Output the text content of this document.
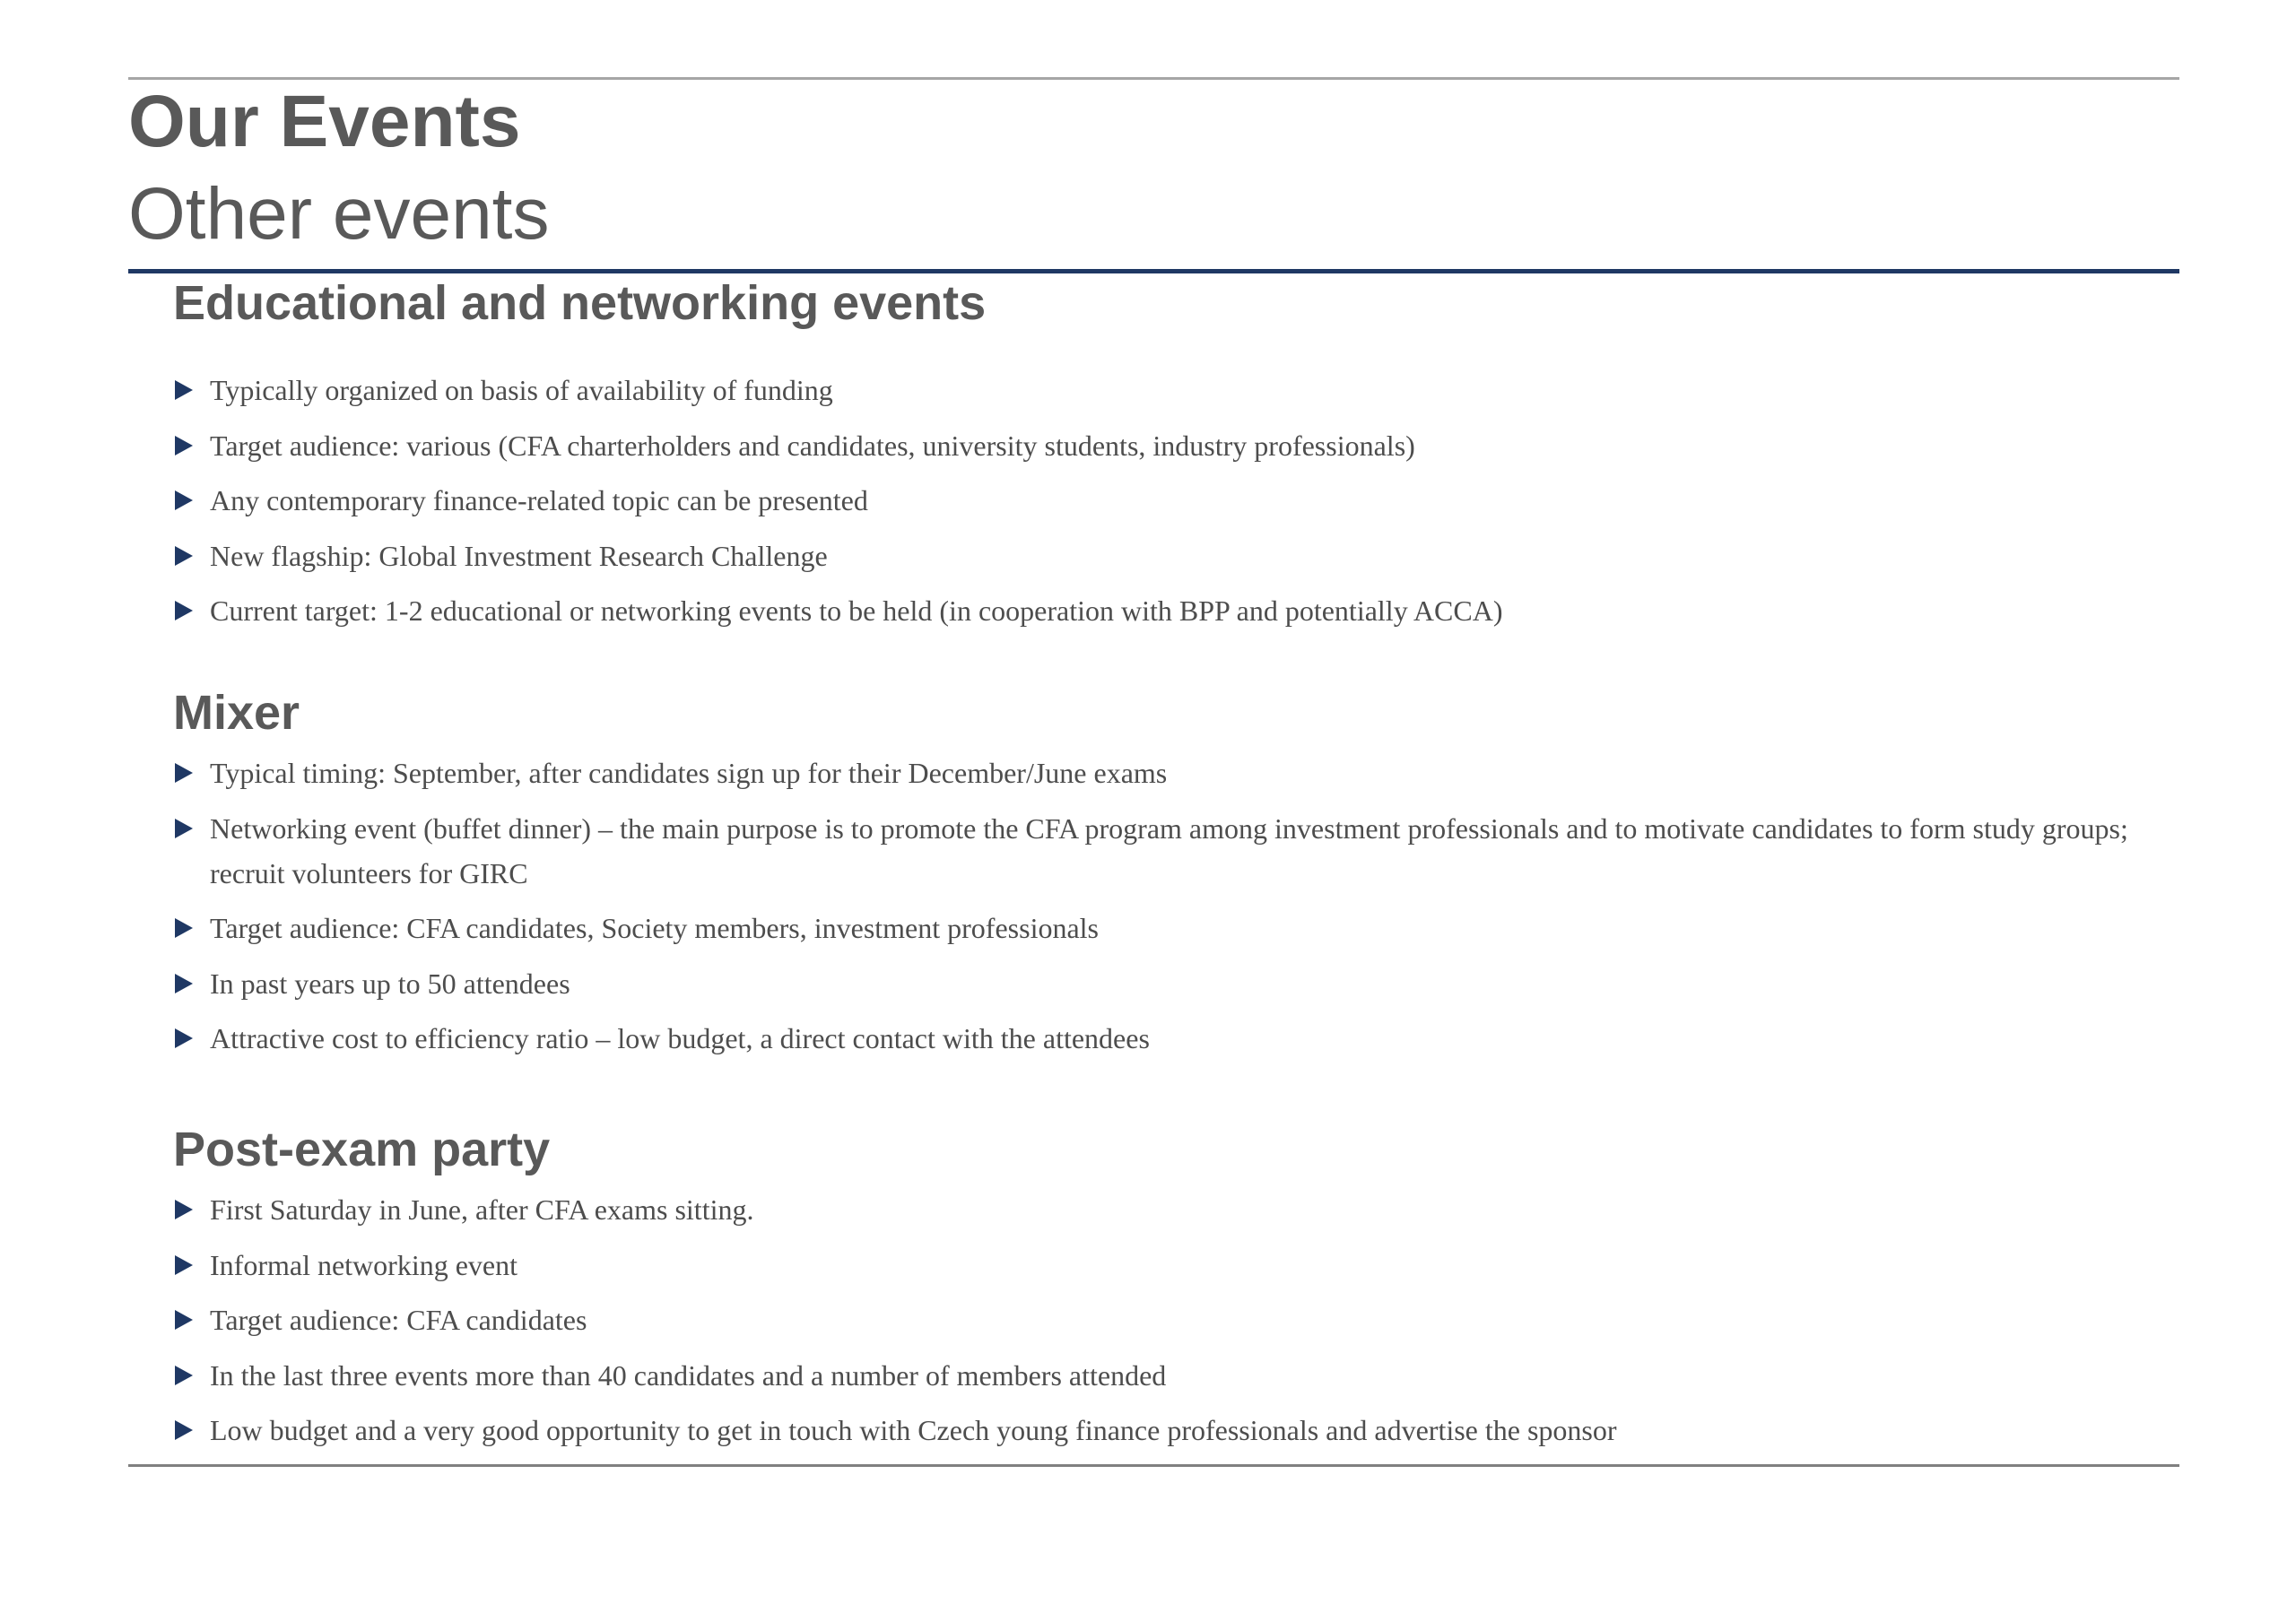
Our Events
Other events
Educational and networking events
Typically organized on basis of availability of funding
Target audience: various (CFA charterholders and candidates, university students, industry professionals)
Any contemporary finance-related topic can be presented
New flagship: Global Investment Research Challenge
Current target: 1-2 educational or networking events to be held (in cooperation with BPP and potentially ACCA)
Mixer
Typical timing: September, after candidates sign up for their December/June exams
Networking event (buffet dinner) – the main purpose is to promote the CFA program among investment professionals and to motivate candidates to form study groups; recruit volunteers for GIRC
Target audience: CFA candidates, Society members, investment professionals
In past years up to 50 attendees
Attractive cost to efficiency ratio – low budget, a direct contact with the attendees
Post-exam party
First Saturday in June, after CFA exams sitting.
Informal networking event
Target audience: CFA candidates
In the last three events more than 40 candidates and a number of members attended
Low budget and a very good opportunity to get in touch with Czech young finance professionals and advertise the sponsor
